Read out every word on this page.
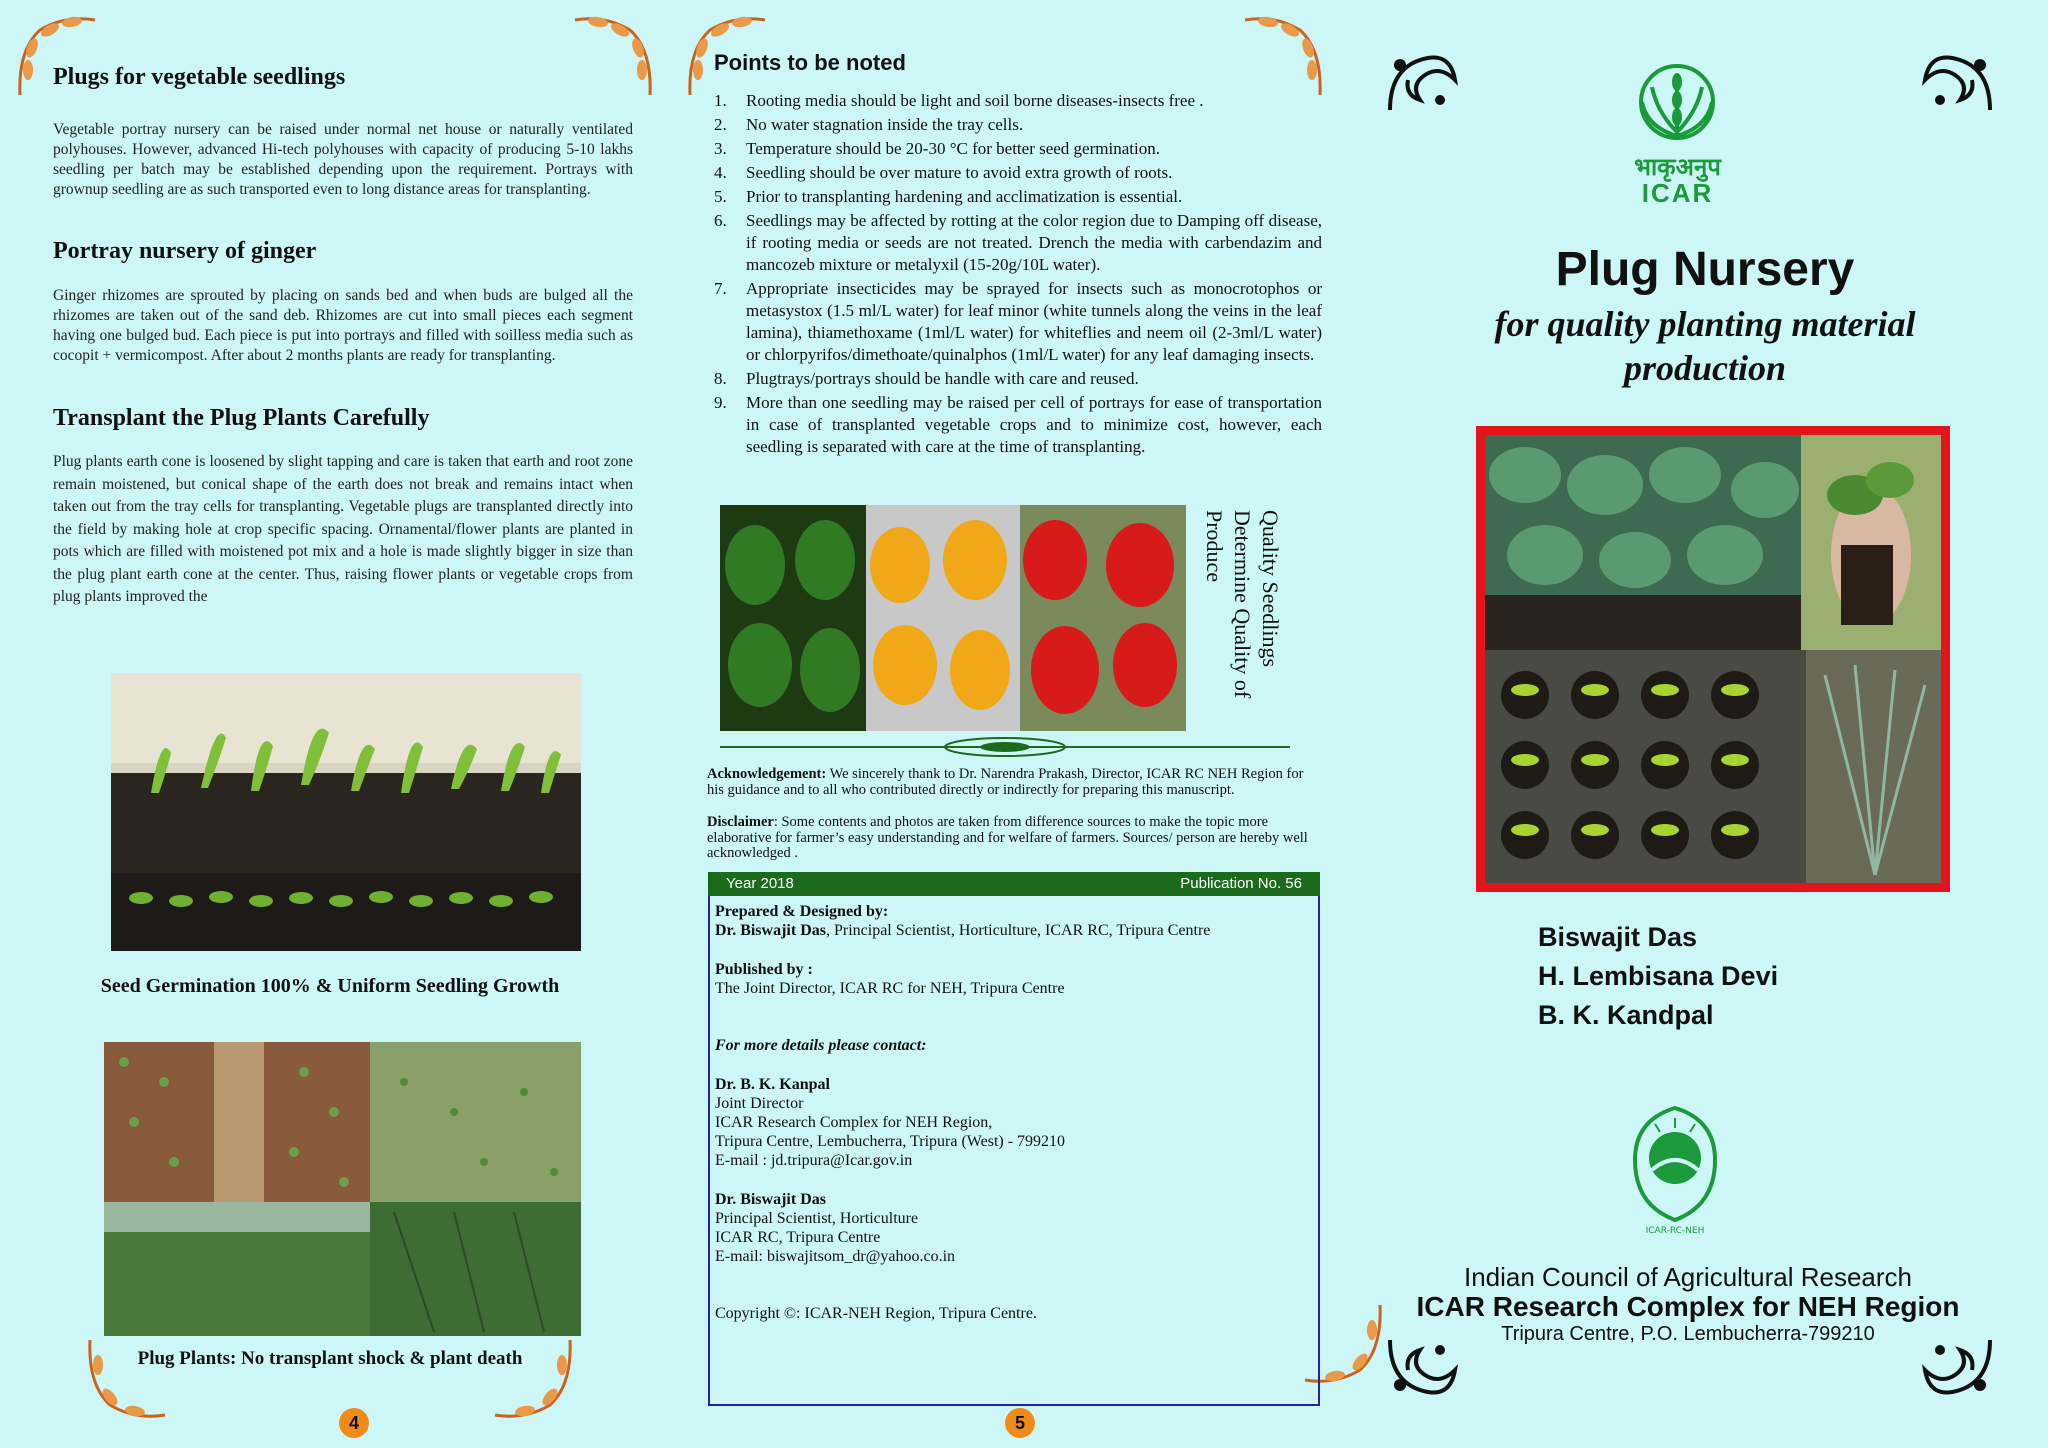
Plugs for vegetable seedlings
Vegetable portray nursery can be raised under normal net house or naturally ventilated polyhouses. However, advanced Hi-tech polyhouses with capacity of producing 5-10 lakhs seedling per batch may be established depending upon the requirement. Portrays with grownup seedling are as such transported even to long distance areas for transplanting.
Portray nursery of ginger
Ginger rhizomes are sprouted by placing on sands bed and when buds are bulged all the rhizomes are taken out of the sand deb. Rhizomes are cut into small pieces each segment having one bulged bud. Each piece is put into portrays and filled with soilless media such as cocopit + vermicompost. After about 2 months plants are ready for transplanting.
Transplant the Plug Plants Carefully
Plug plants earth cone is loosened by slight tapping and care is taken that earth and root zone remain moistened, but conical shape of the earth does not break and remains intact when taken out from the tray cells for transplanting. Vegetable plugs are transplanted directly into the field by making hole at crop specific spacing. Ornamental/flower plants are planted in pots which are filled with moistened pot mix and a hole is made slightly bigger in size than the plug plant earth cone at the center. Thus, raising flower plants or vegetable crops from plug plants improved the
Seed Germination 100% & Uniform Seedling Growth
Plug Plants: No transplant shock & plant death
4
Points to be noted
1. Rooting media should be light and soil borne diseases-insects free .
2. No water stagnation inside the tray cells.
3. Temperature should be 20-30 °C for better seed germination.
4. Seedling should be over mature to avoid extra growth of roots.
5. Prior to transplanting hardening and acclimatization is essential.
6. Seedlings may be affected by rotting at the color region due to Damping off disease, if rooting media or seeds are not treated. Drench the media with carbendazim and mancozeb mixture or metalyxil (15-20g/10L water).
7. Appropriate insecticides may be sprayed for insects such as monocrotophos or metasystox (1.5 ml/L water) for leaf minor (white tunnels along the veins in the leaf lamina), thiamethoxame (1ml/L water) for whiteflies and neem oil (2-3ml/L water) or chlorpyrifos/dimethoate/quinalphos (1ml/L water) for any leaf damaging insects.
8. Plugtrays/portrays should be handle with care and reused.
9. More than one seedling may be raised per cell of portrays for ease of transportation in case of transplanted vegetable crops and to minimize cost, however, each seedling is separated with care at the time of transplanting.
Quality Seedlings Determine Quality of Produce
Acknowledgement: We sincerely thank to Dr. Narendra Prakash, Director, ICAR RC NEH Region for his guidance and to all who contributed directly or indirectly for preparing this manuscript.
Disclaimer: Some contents and photos are taken from difference sources to make the topic more elaborative for farmer’s easy understanding and for welfare of farmers. Sources/ person are hereby well acknowledged .
Year 2018	Publication No. 56
Prepared & Designed by:
Dr. Biswajit Das, Principal Scientist, Horticulture, ICAR RC, Tripura Centre
Published by :
The Joint Director, ICAR RC for NEH, Tripura Centre
For more details please contact:
Dr. B. K. Kanpal
Joint Director
ICAR Research Complex for NEH Region,
Tripura Centre, Lembucherra, Tripura (West) - 799210
E-mail : jd.tripura@Icar.gov.in
Dr. Biswajit Das
Principal Scientist, Horticulture
ICAR RC, Tripura Centre
E-mail: biswajitsom_dr@yahoo.co.in
Copyright ©: ICAR-NEH Region, Tripura Centre.
5
भाकृअनुप
ICAR
Plug Nursery
for quality planting material
production
Biswajit Das
H. Lembisana Devi
B. K. Kandpal
ICAR-RC-NEH
Indian Council of Agricultural Research
ICAR Research Complex for NEH Region
Tripura Centre, P.O. Lembucherra-799210
